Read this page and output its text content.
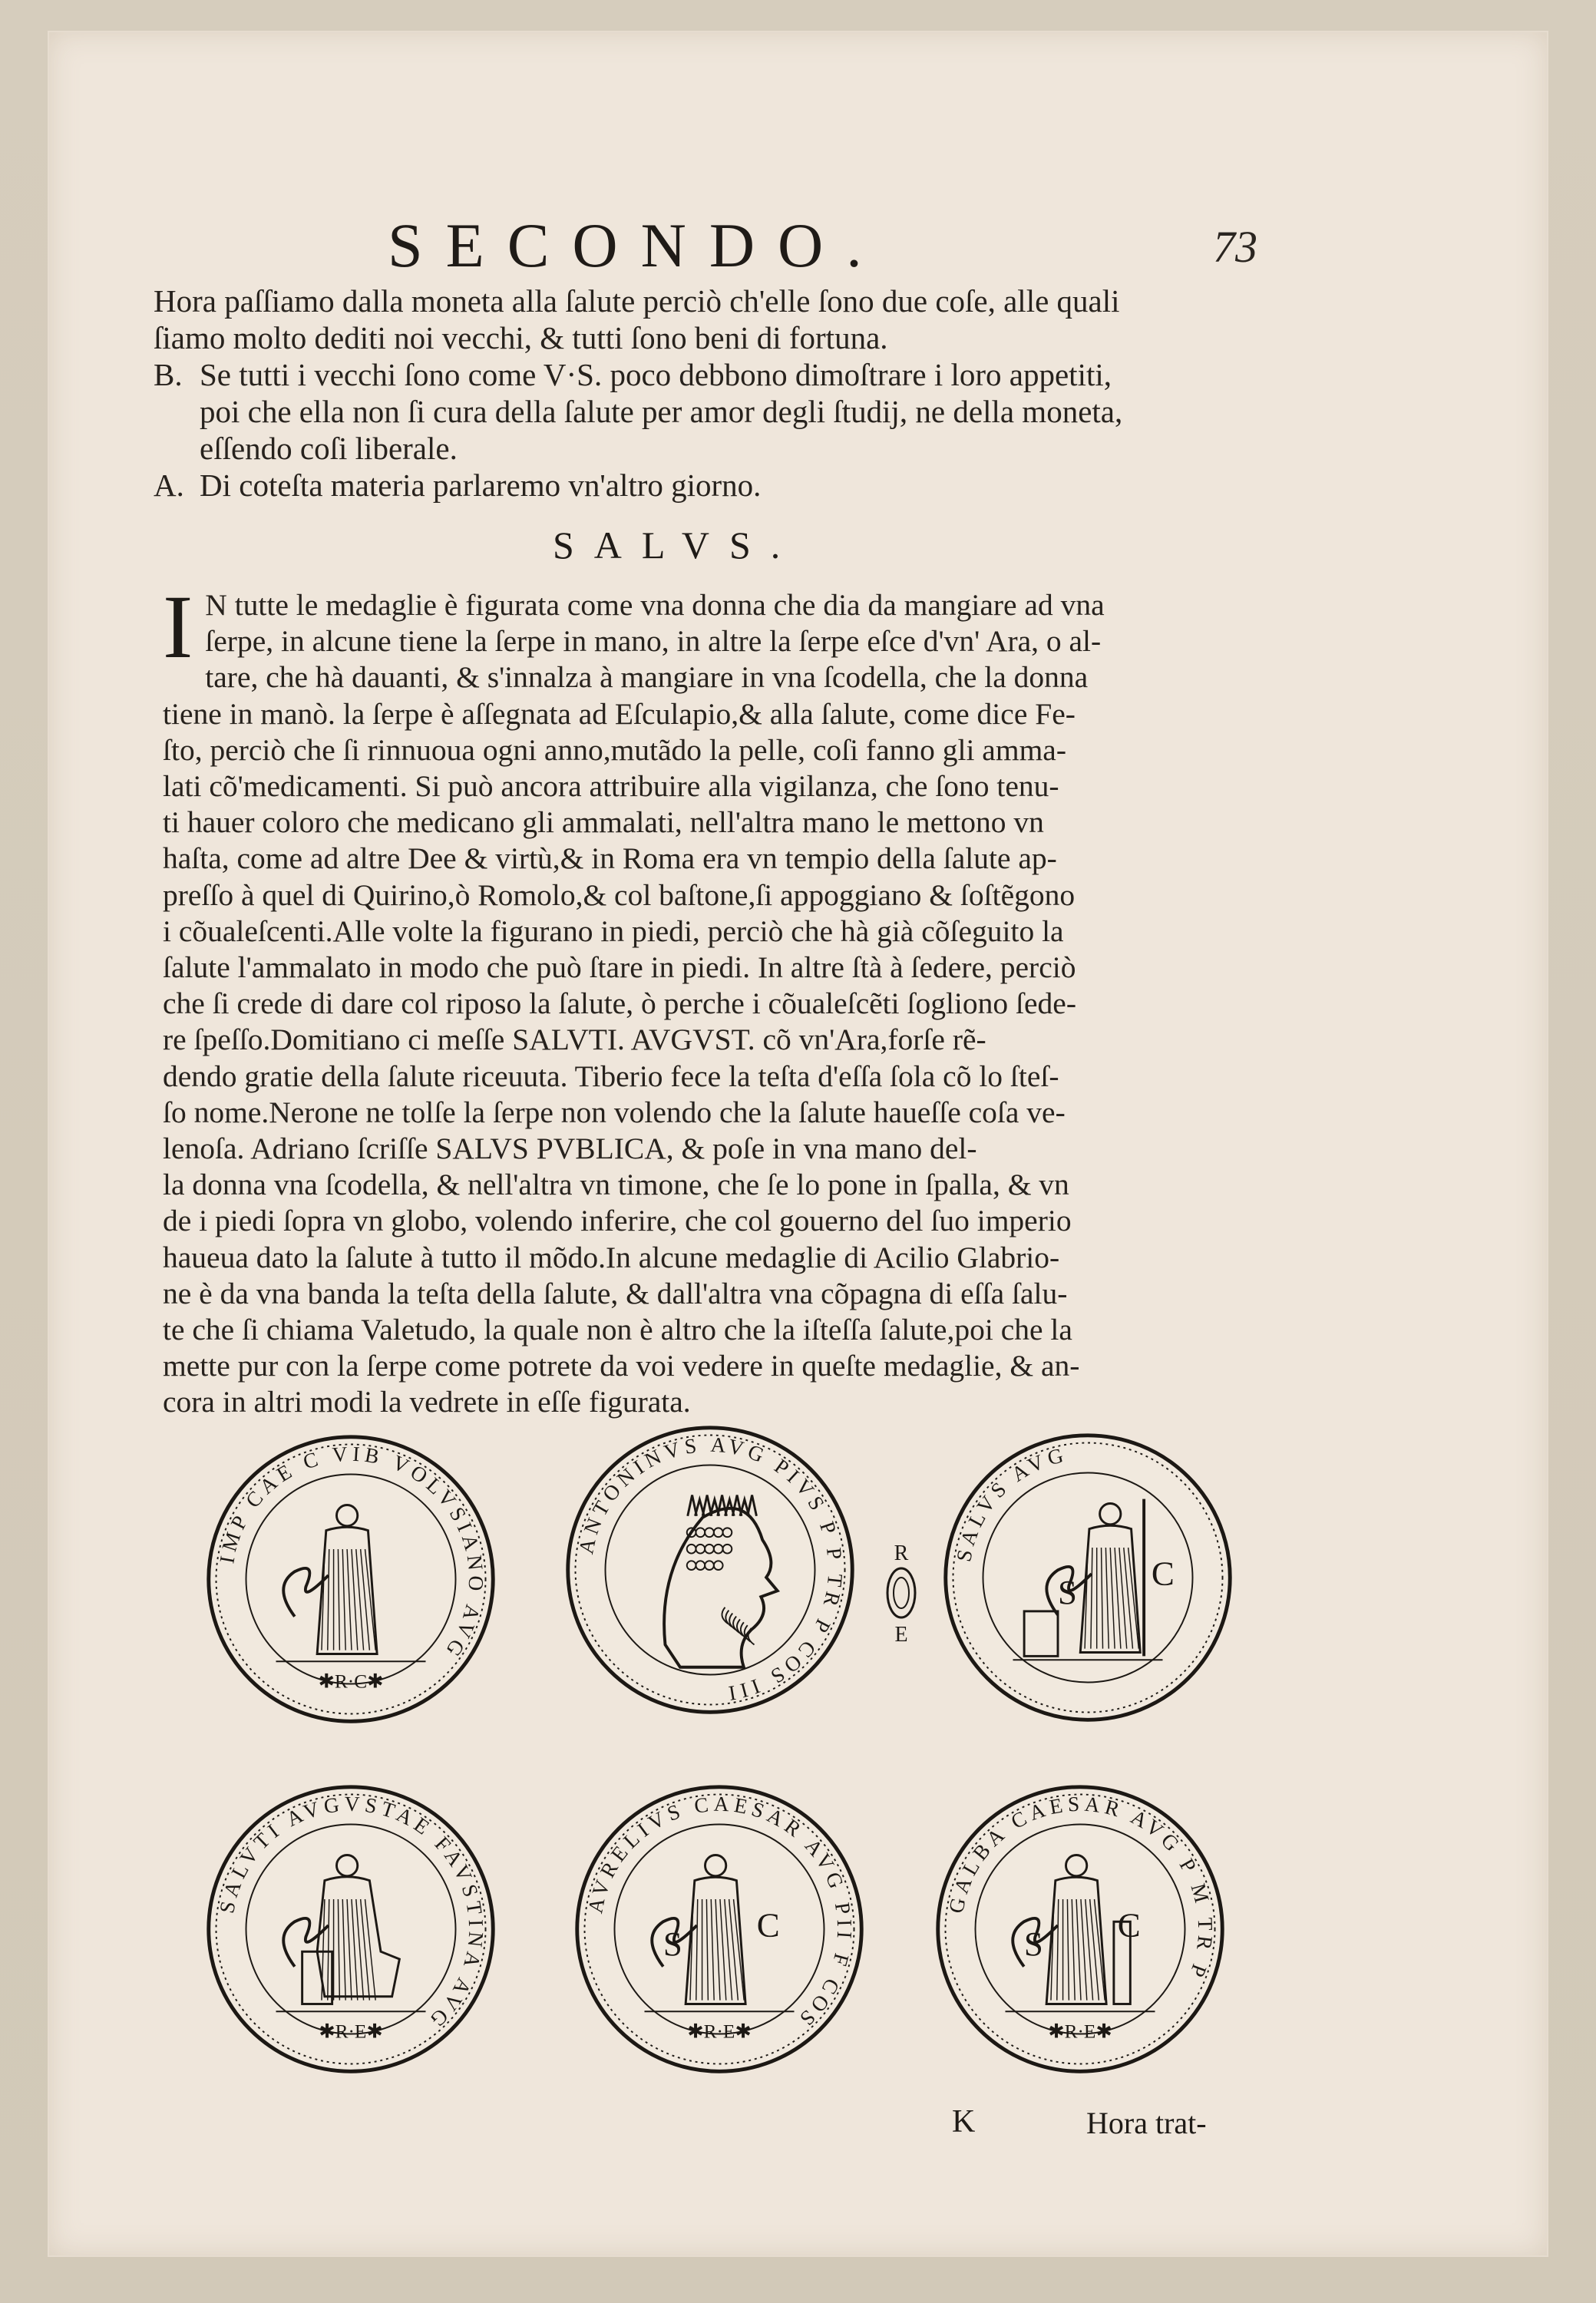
SECONDO.	73
Hora paſſiamo dalla moneta alla ſalute perciò ch'elle ſono due coſe, alle quali
ſiamo molto dediti noi vecchi, & tutti ſono beni di fortuna.
B. Se tutti i vecchi ſono come V·S. poco debbono dimoſtrare i loro appetiti,
poi che ella non ſi cura della ſalute per amor degli ſtudij, ne della moneta,
eſſendo coſi liberale.
A. Di coteſta materia parlaremo vn'altro giorno.
SALVS.
I N tutte le medaglie è figurata come vna donna che dia da mangiare ad vna
ſerpe, in alcune tiene la ſerpe in mano, in altre la ſerpe eſce d'vn' Ara, o al-
tare, che hà dauanti, & s'innalza à mangiare in vna ſcodella, che la donna
tiene in manò. la ſerpe è aſſegnata ad Eſculapio,& alla ſalute, come dice Fe-
ſto, perciò che ſi rinnuoua ogni anno,mutãdo la pelle, coſi fanno gli amma-
lati cõ'medicamenti. Si può ancora attribuire alla vigilanza, che ſono tenu-
ti hauer coloro che medicano gli ammalati, nell'altra mano le mettono vn
haſta, come ad altre Dee & virtù,& in Roma era vn tempio della ſalute ap-
preſſo à quel di Quirino,ò Romolo,& col baſtone,ſi appoggiano & ſoſtẽgono
i cõualeſcenti.Alle volte la figurano in piedi, perciò che hà già cõſeguito la
ſalute l'ammalato in modo che può ſtare in piedi. In altre ſtà à ſedere, perciò
che ſi crede di dare col riposo la ſalute, ò perche i cõualeſcẽti ſogliono ſede-
re ſpeſſo.Domitiano ci meſſe SALVTI. AVGVST. cõ vn'Ara,forſe rẽ-
dendo gratie della ſalute riceuuta. Tiberio fece la teſta d'eſſa ſola cõ lo ſteſ-
ſo nome.Nerone ne tolſe la ſerpe non volendo che la ſalute haueſſe coſa ve-
lenoſa. Adriano ſcriſſe SALVS PVBLICA, & poſe in vna mano del-
la donna vna ſcodella, & nell'altra vn timone, che ſe lo pone in ſpalla, & vn
de i piedi ſopra vn globo, volendo inferire, che col gouerno del ſuo imperio
haueua dato la ſalute à tutto il mõdo.In alcune medaglie di Acilio Glabrio-
ne è da vna banda la teſta della ſalute, & dall'altra vna cõpagna di eſſa ſalu-
te che ſi chiama Valetudo, la quale non è altro che la iſteſſa ſalute,poi che la
mette pur con la ſerpe come potrete da voi vedere in queſte medaglie, & an-
cora in altri modi la vedrete in eſſe figurata.
IMP CAE C VIB VOLVSIANO AVG
✱R·C✱
ANTONINVS AVG PIVS P P TR P COS III
SALVS AVG
S C
SALVTI AVGVSTAE FAVSTINA AVG
✱R·E✱
AVRELIVS CAESAR AVG PII F COS
S C
✱R·E✱
GALBA CAESAR AVG P M TR P
S C
✱R·E✱
R
E
K	Hora trat-
